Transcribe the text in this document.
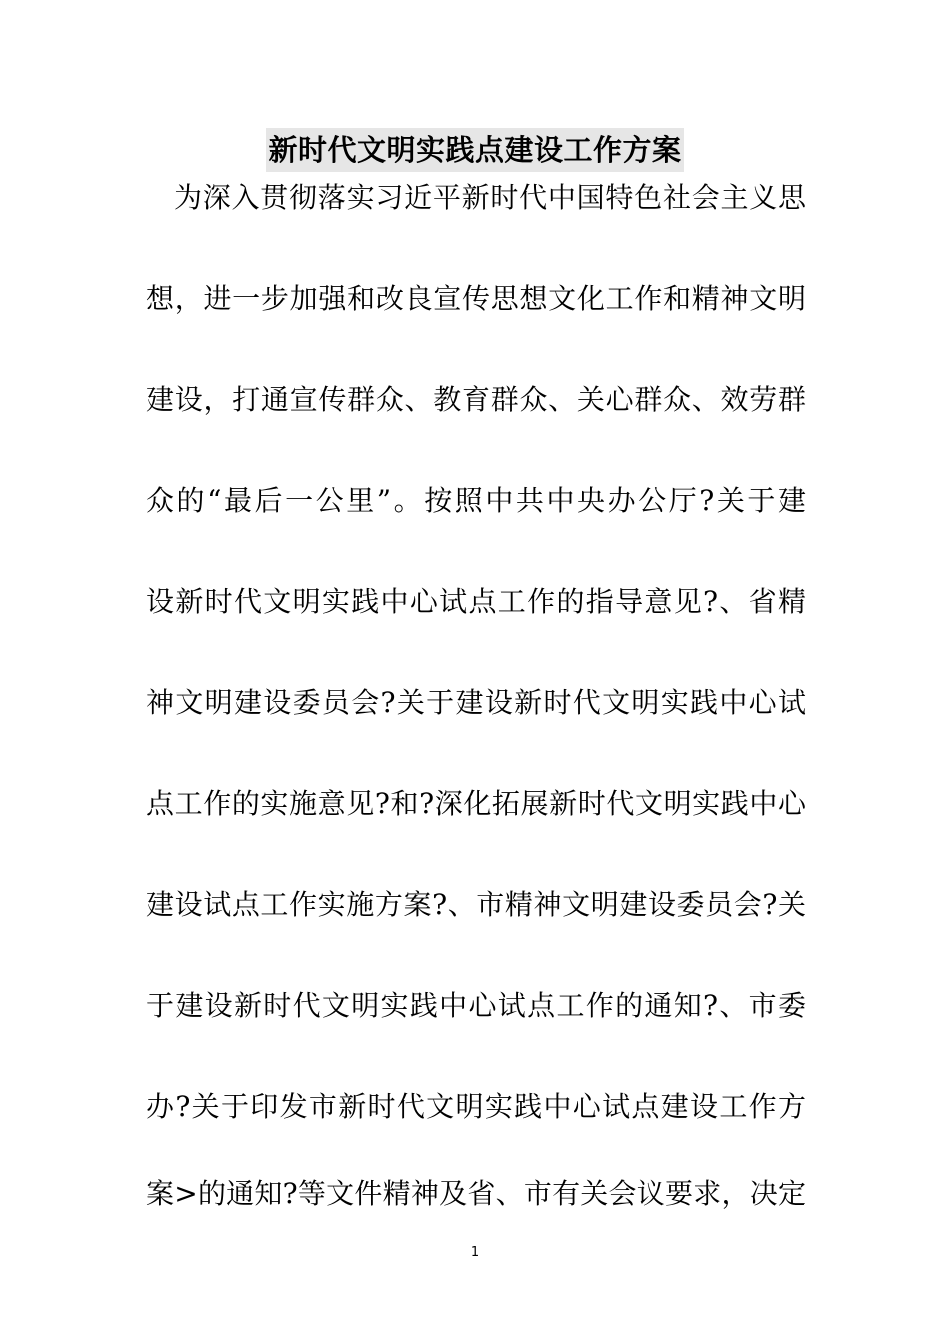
新时代文明实践点建设工作方案
为深入贯彻落实习近平新时代中国特色社会主义思
想，进一步加强和改良宣传思想文化工作和精神文明
建设，打通宣传群众、教育群众、关心群众、效劳群
众的“最后一公里”。按照中共中央办公厅?关于建
设新时代文明实践中心试点工作的指导意见?、省精
神文明建设委员会?关于建设新时代文明实践中心试
点工作的实施意见?和?深化拓展新时代文明实践中心
建设试点工作实施方案?、市精神文明建设委员会?关
于建设新时代文明实践中心试点工作的通知?、市委
办?关于印发市新时代文明实践中心试点建设工作方
案>的通知?等文件精神及省、市有关会议要求，决定
1
